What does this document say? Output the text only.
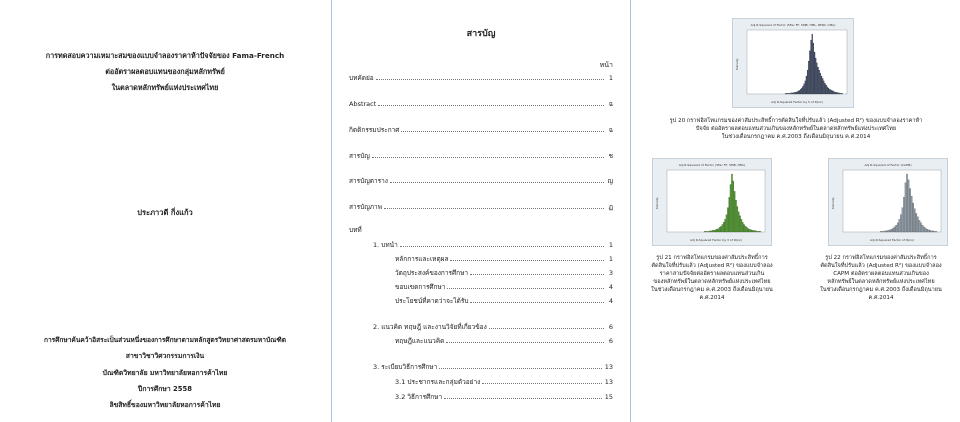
การทดสอบความเหมาะสมของแบบจำลองราคาห้าปัจจัยของ Fama-French
ต่ออัตราผลตอบแทนของกลุ่มหลักทรัพย์
ในตลาดหลักทรัพย์แห่งประเทศไทย
ประภาวดี กิ่งแก้ว
การศึกษาค้นคว้าอิสระเป็นส่วนหนึ่งของการศึกษาตามหลักสูตรวิทยาศาสตรมหาบัณฑิต
สาขาวิชาวิศวกรรมการเงิน
บัณฑิตวิทยาลัย มหาวิทยาลัยหอการค้าไทย
ปีการศึกษา 2558
ลิขสิทธิ์ของมหาวิทยาลัยหอการค้าไทย
สารบัญ
หน้า
บทคัดย่อ	1
Abstract	ฉ
กิตติกรรมประกาศ	ฉ
สารบัญ	ช
สารบัญตาราง	ญ
สารบัญภาพ	ฏ
บทที่
1. บทนำ	1
หลักการและเหตุผล	1
วัตถุประสงค์ของการศึกษา	3
ขอบเขตการศึกษา	4
ประโยชน์ที่คาดว่าจะได้รับ	4
2. แนวคิด ทฤษฎี และงานวิจัยที่เกี่ยวข้อง	6
ทฤษฎีและแนวคิด	6
3. ระเบียบวิธีการศึกษา	13
3.1 ประชากรและกลุ่มตัวอย่าง	13
3.2 วิธีการศึกษา	15
Adj R-Squared of Factor (5Fac FF, SMB, HML, RMW, CMA)
Adj R-Squared Factor by 5 of R(nx)
Density
รูป 20 กราฟฮิสโทแกรมของค่าสัมประสิทธิ์การตัดสินใจที่ปรับแล้ว (Adjusted R²) ของแบบจำลองราคาห้า
ปัจจัย ต่ออัตราผลตอบแทนส่วนเกินของหลักทรัพย์ในตลาดหลักทรัพย์แห่งประเทศไทย
ในช่วงเดือนกรกฎาคม ค.ศ.2003 ถึงเดือนมิถุนายน ค.ศ.2014
Adj R-Squared of Factor (3Fac FF, SMB, HML)
Adj R-Squared Factor by 3 of R(nx)
Density
รูป 21 กราฟฮิสโทแกรมของค่าสัมประสิทธิ์การ
ตัดสินใจที่ปรับแล้ว (Adjusted R²) ของแบบจำลอง
ราคาสามปัจจัยต่ออัตราผลตอบแทนส่วนเกิน
ของหลักทรัพย์ในตลาดหลักทรัพย์แห่งประเทศไทย
ในช่วงเดือนกรกฎาคม ค.ศ.2003 ถึงเดือนมิถุนายน
ค.ศ.2014
Adj R-Squared of Factor (CAPM)
Adj R-Squared Factor of R(nx)
Density
รูป 22 กราฟฮิสโทแกรมของค่าสัมประสิทธิ์การ
ตัดสินใจที่ปรับแล้ว (Adjusted R²) ของแบบจำลอง
CAPM ต่ออัตราผลตอบแทนส่วนเกินของ
หลักทรัพย์ในตลาดหลักทรัพย์แห่งประเทศไทย
ในช่วงเดือนกรกฎาคม ค.ศ.2003 ถึงเดือนมิถุนายน
ค.ศ.2014
